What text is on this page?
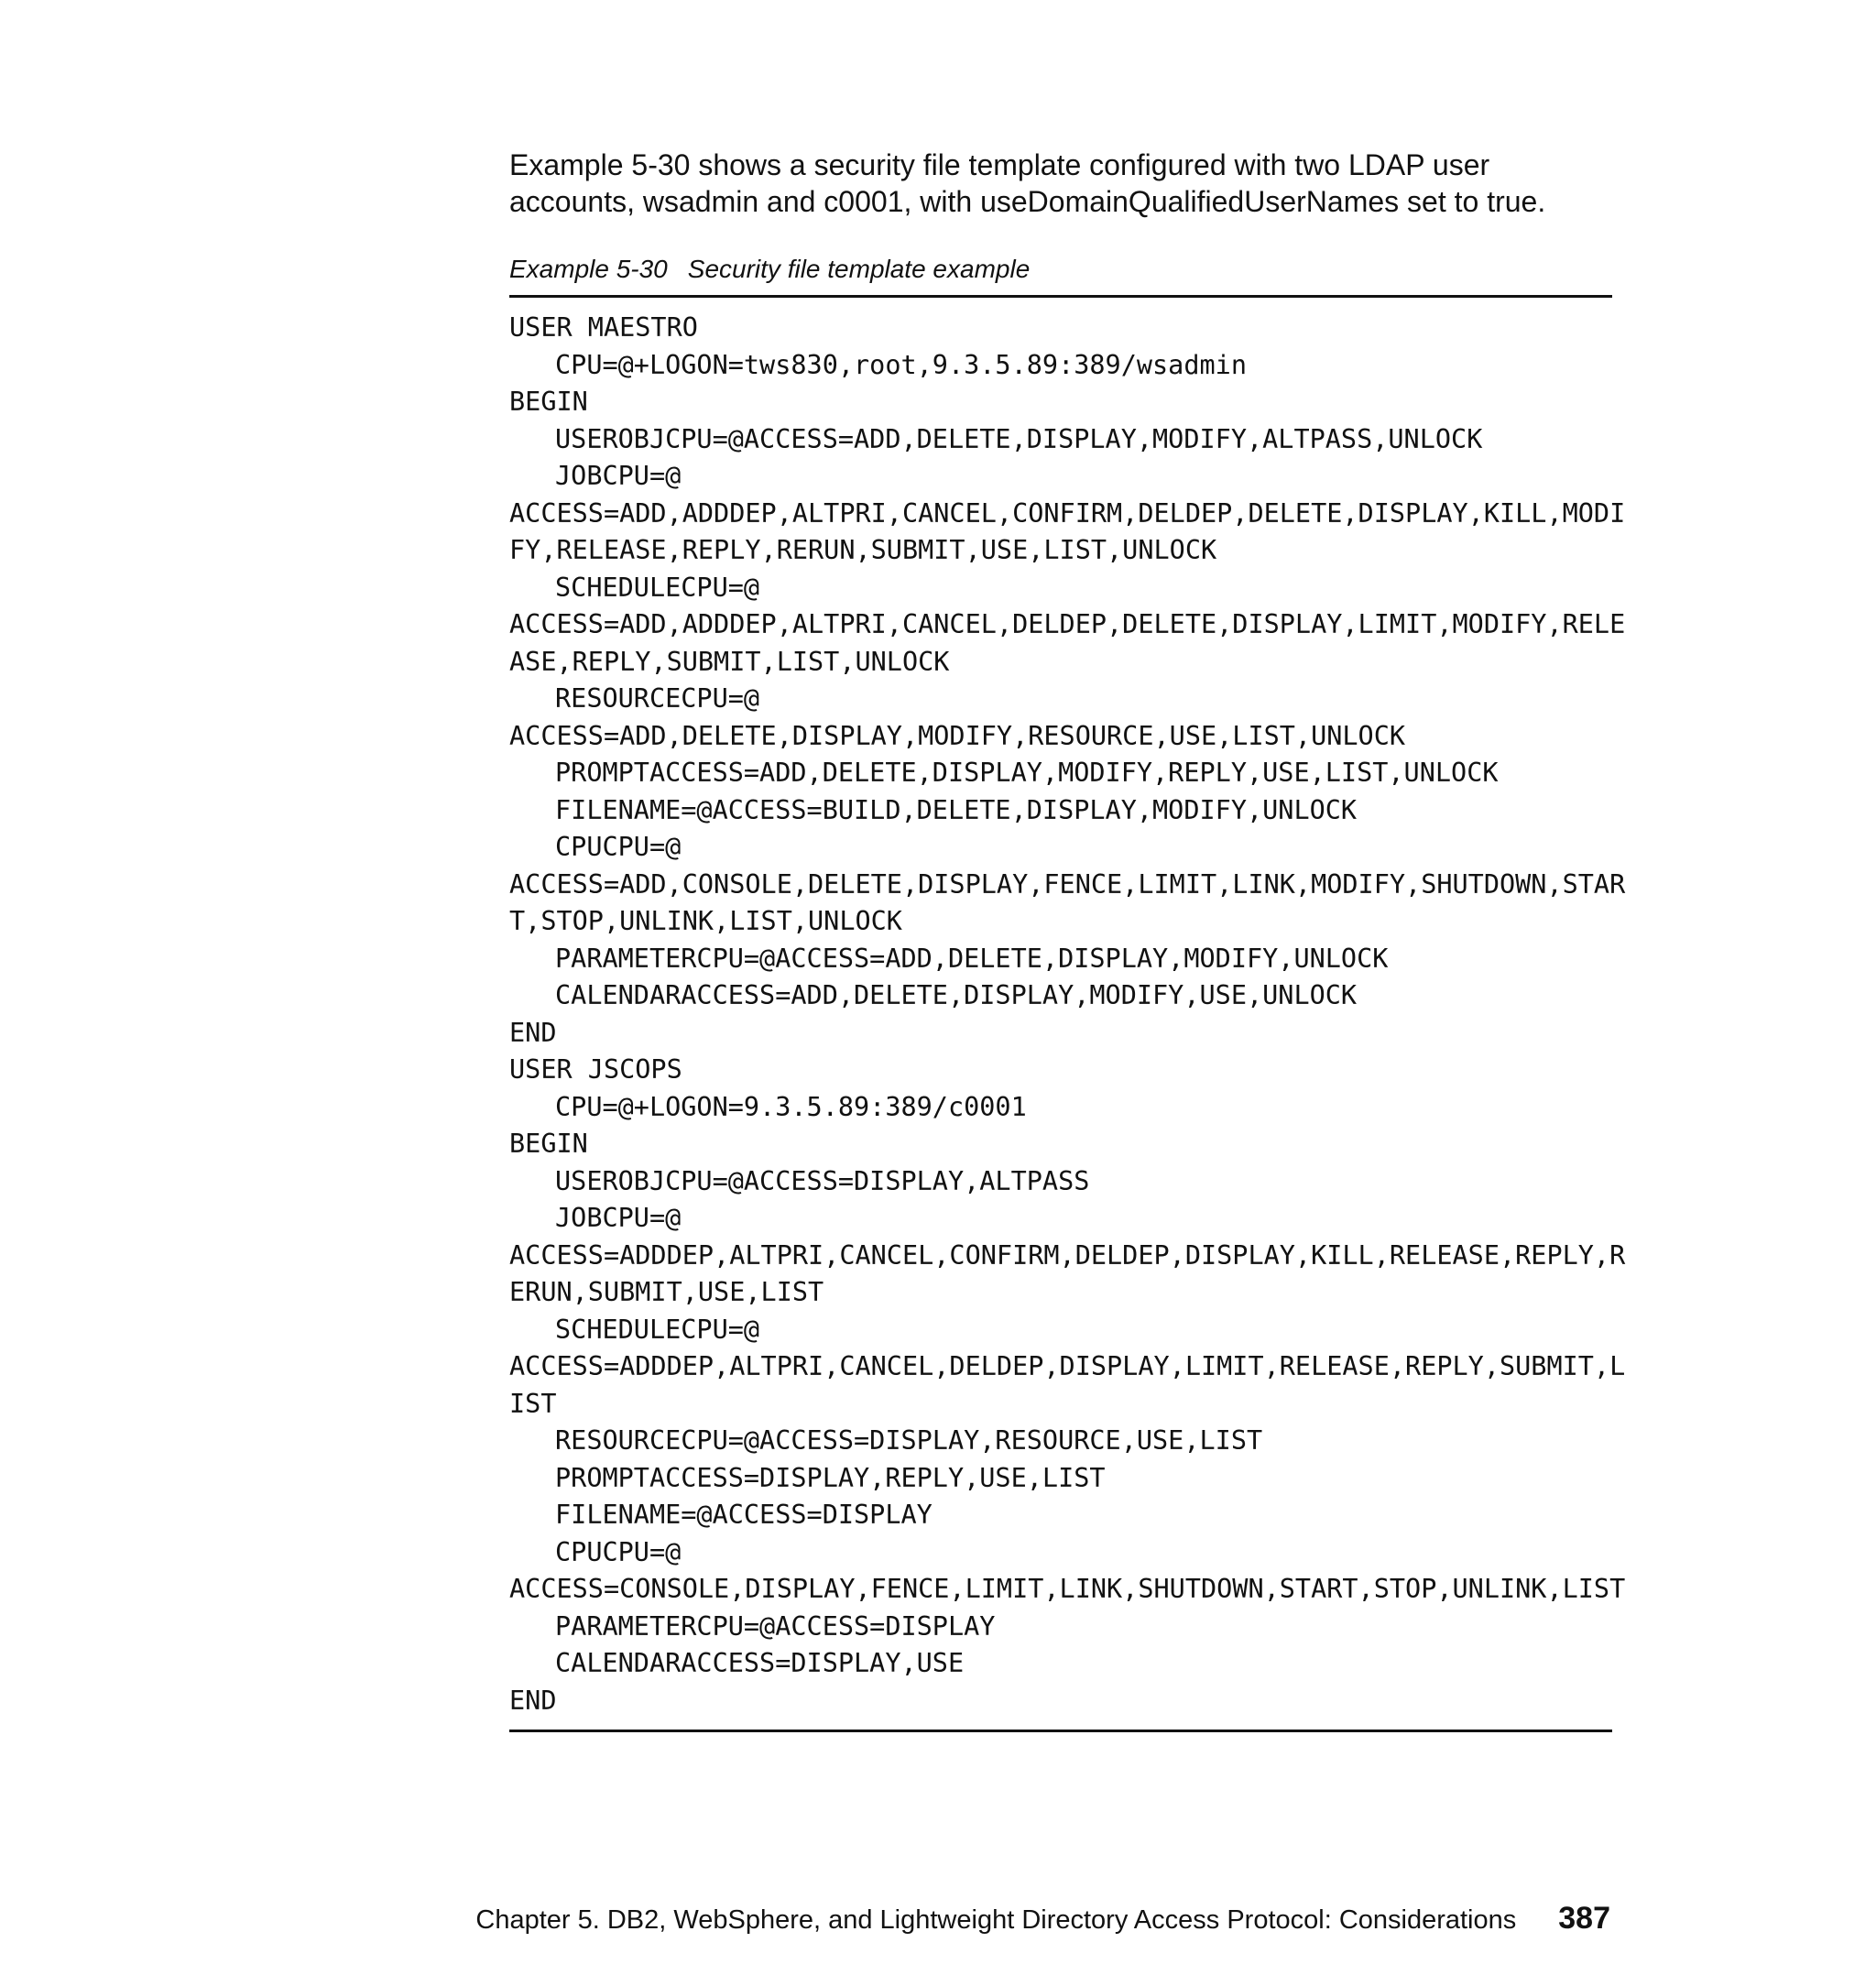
Example 5-30 shows a security file template configured with two LDAP user

accounts, wsadmin and c0001, with useDomainQualifiedUserNames set to true.

Example 5-30 Security file template example
USER MAESTRO
CPU=@+LOGON=tws830,root,9.3.5.89:389/wsadmin
BEGIN
USEROBJCPU=@ACCESS=ADD,DELETE,DISPLAY,MODIFY,ALTPASS,UNLOCK
JOBCPU=@
ACCESS=ADD,ADDDEP,ALTPRI,CANCEL,CONFIRM,DELDEP,DELETE,DISPLAY,KILL,MODI
FY,RELEASE,REPLY,RERUN,SUBMIT,USE,LIST,UNLOCK
SCHEDULECPU=@
ACCESS=ADD,ADDDEP,ALTPRI,CANCEL,DELDEP,DELETE,DISPLAY,LIMIT,MODIFY,RELE
ASE,REPLY,SUBMIT,LIST,UNLOCK
RESOURCECPU=@
ACCESS=ADD,DELETE,DISPLAY,MODIFY,RESOURCE,USE,LIST,UNLOCK
PROMPTACCESS=ADD,DELETE,DISPLAY,MODIFY,REPLY,USE,LIST,UNLOCK
FILENAME=@ACCESS=BUILD,DELETE,DISPLAY,MODIFY,UNLOCK
CPUCPU=@
ACCESS=ADD,CONSOLE,DELETE,DISPLAY,FENCE,LIMIT,LINK,MODIFY,SHUTDOWN,STAR
T,STOP,UNLINK,LIST,UNLOCK
PARAMETERCPU=@ACCESS=ADD,DELETE,DISPLAY,MODIFY,UNLOCK
CALENDARACCESS=ADD,DELETE,DISPLAY,MODIFY,USE,UNLOCK
END
USER JSCOPS
CPU=@+LOGON=9.3.5.89:389/c0001
BEGIN
USEROBJCPU=@ACCESS=DISPLAY,ALTPASS
JOBCPU=@
ACCESS=ADDDEP,ALTPRI,CANCEL,CONFIRM,DELDEP,DISPLAY,KILL,RELEASE,REPLY,R
ERUN,SUBMIT,USE,LIST
SCHEDULECPU=@
ACCESS=ADDDEP,ALTPRI,CANCEL,DELDEP,DISPLAY,LIMIT,RELEASE,REPLY,SUBMIT,L
IST
RESOURCECPU=@ACCESS=DISPLAY,RESOURCE,USE,LIST
PROMPTACCESS=DISPLAY,REPLY,USE,LIST
FILENAME=@ACCESS=DISPLAY
CPUCPU=@
ACCESS=CONSOLE,DISPLAY,FENCE,LIMIT,LINK,SHUTDOWN,START,STOP,UNLINK,LIST
PARAMETERCPU=@ACCESS=DISPLAY
CALENDARACCESS=DISPLAY,USE
END
Chapter 5. DB2, WebSphere, and Lightweight Directory Access Protocol: Considerations 387
